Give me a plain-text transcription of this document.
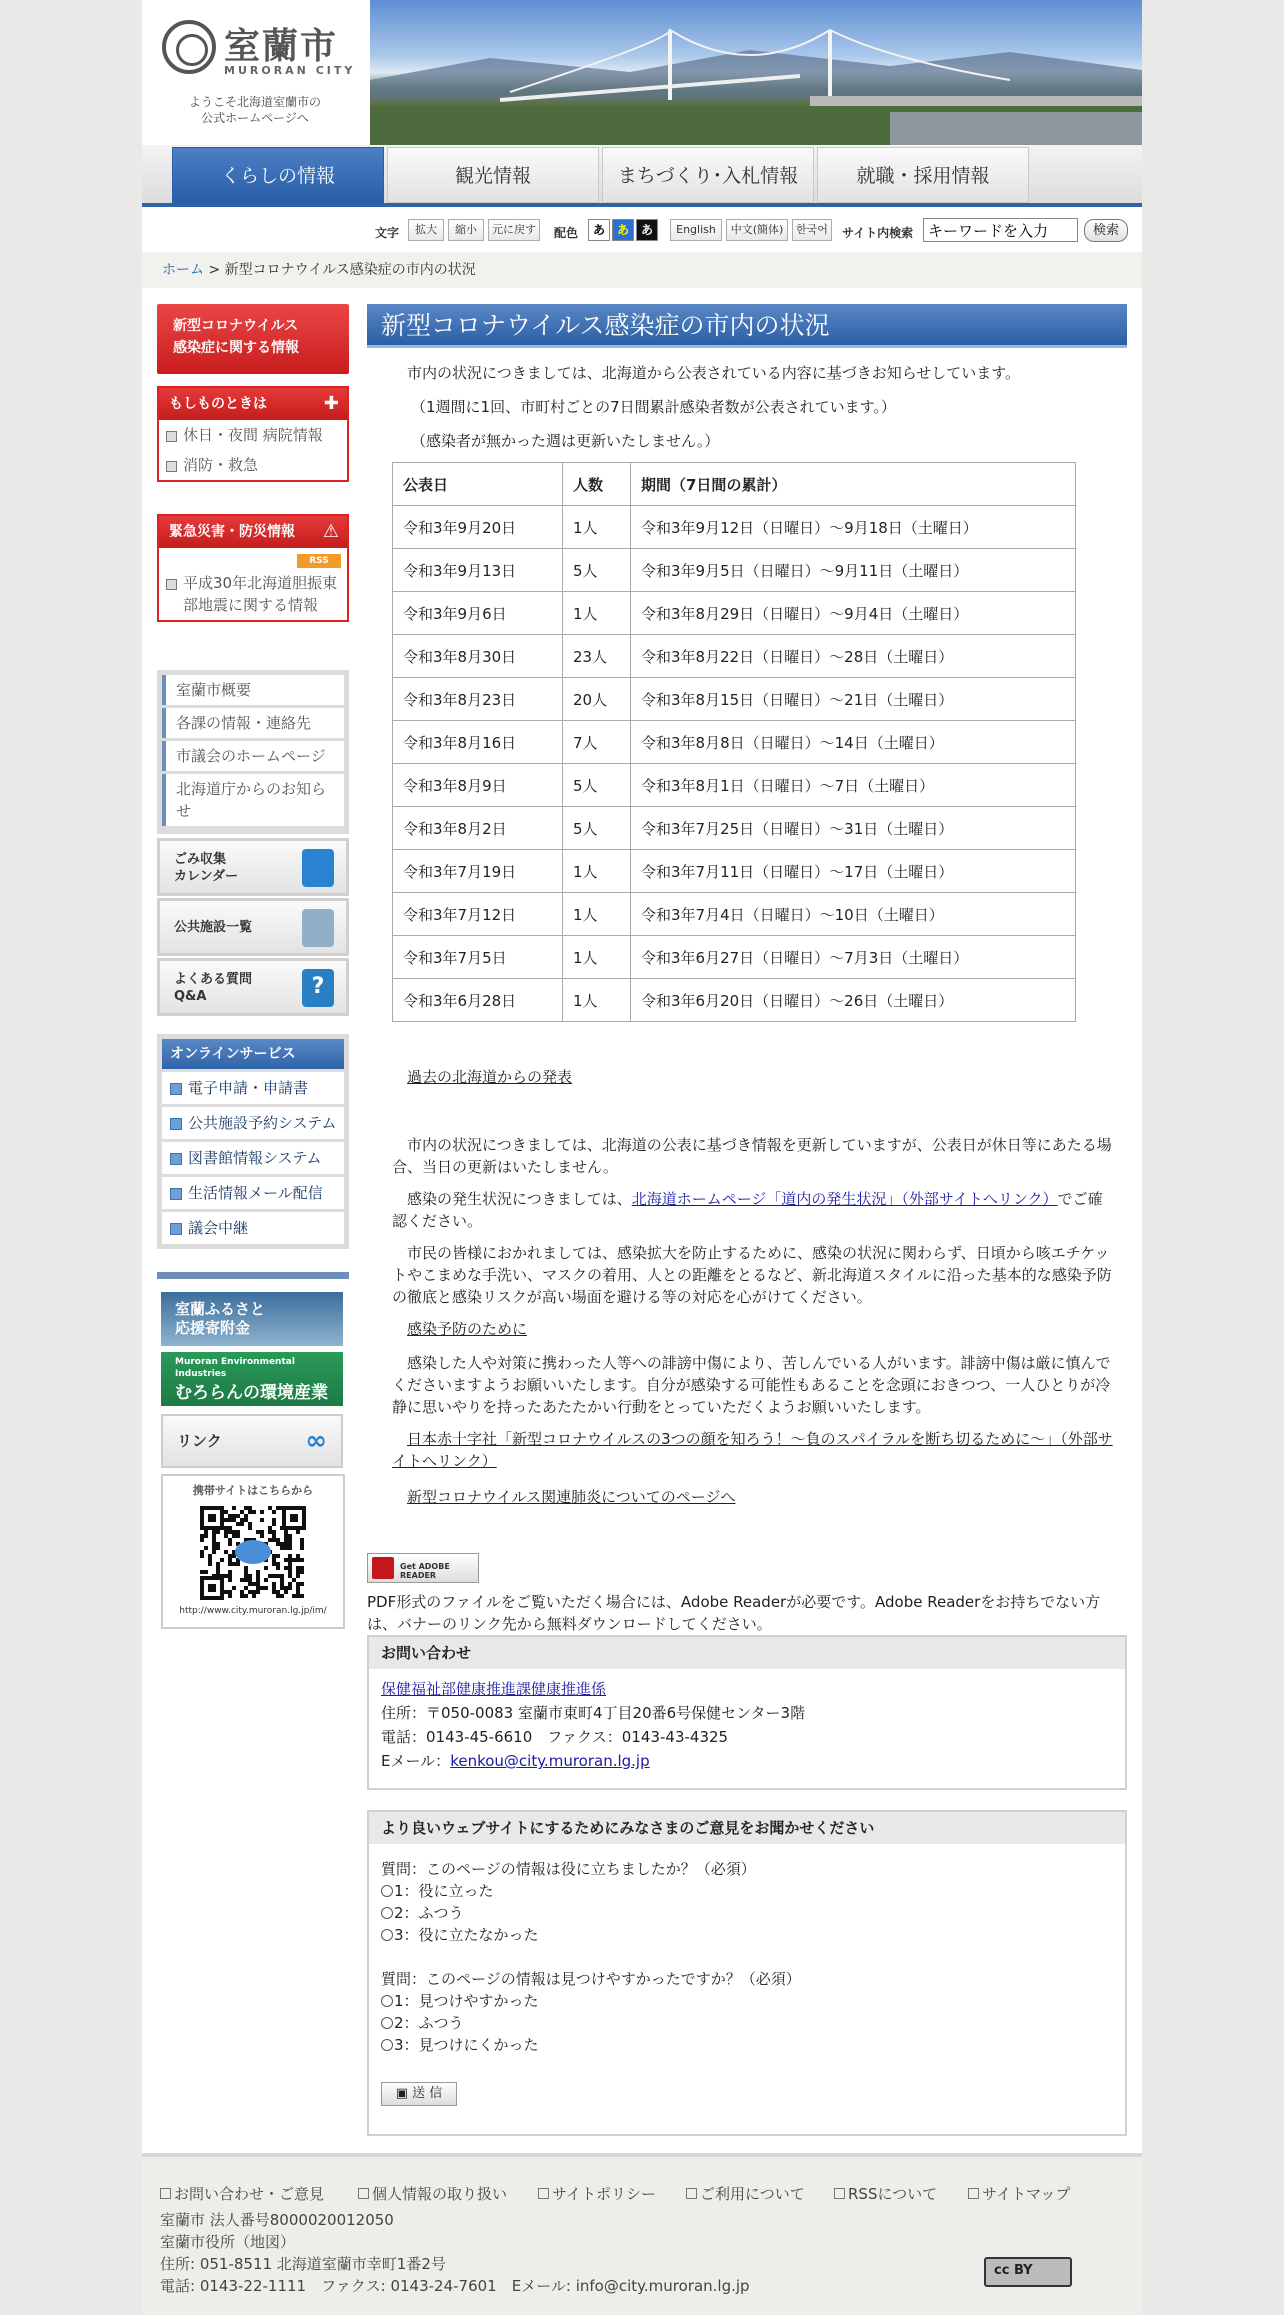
室蘭市
MURORAN CITY
ようこそ北海道室蘭市の
公式ホームページへ
くらしの情報	観光情報	まちづくり･入札情報	就職・採用情報
文字	拡大	縮小	元に戻す	配色	あ あ あ	English	中文(簡体)	한국어	サイト内検索
キーワードを入力	検索
ホーム > 新型コロナウイルス感染症の市内の状況
新型コロナウイルス
感染症に関する情報
もしものときは	✚
休日・夜間 病院情報
消防・救急
緊急災害・防災情報 ⚠
RSS
平成30年北海道胆振東部地震に関する情報
室蘭市概要
各課の情報・連絡先
市議会のホームページ
北海道庁からのお知らせ
ごみ収集
カレンダー
公共施設一覧
よくある質問
Q&A	?
オンラインサービス
電子申請・申請書
公共施設予約システム
図書館情報システム
生活情報メール配信
議会中継
室蘭ふるさと
応援寄附金
Muroran Environmental Industries
むろらんの環境産業
リンク	∞
携帯サイトはこちらから
http://www.city.muroran.lg.jp/im/
新型コロナウイルス感染症の市内の状況
市内の状況につきましては、北海道から公表されている内容に基づきお知らせしています。
（1週間に1回、市町村ごとの7日間累計感染者数が公表されています。）
（感染者が無かった週は更新いたしません。）
公表日	人数	期間（7日間の累計）
令和3年9月20日	1人	令和3年9月12日（日曜日）～9月18日（土曜日）
令和3年9月13日	5人	令和3年9月5日（日曜日）～9月11日（土曜日）
令和3年9月6日	1人	令和3年8月29日（日曜日）～9月4日（土曜日）
令和3年8月30日	23人	令和3年8月22日（日曜日）～28日（土曜日）
令和3年8月23日	20人	令和3年8月15日（日曜日）～21日（土曜日）
令和3年8月16日	7人	令和3年8月8日（日曜日）～14日（土曜日）
令和3年8月9日	5人	令和3年8月1日（日曜日）～7日（土曜日）
令和3年8月2日	5人	令和3年7月25日（日曜日）～31日（土曜日）
令和3年7月19日	1人	令和3年7月11日（日曜日）～17日（土曜日）
令和3年7月12日	1人	令和3年7月4日（日曜日）～10日（土曜日）
令和3年7月5日	1人	令和3年6月27日（日曜日）～7月3日（土曜日）
令和3年6月28日	1人	令和3年6月20日（日曜日）～26日（土曜日）
過去の北海道からの発表
市内の状況につきましては、北海道の公表に基づき情報を更新していますが、公表日が休日等にあたる場合、当日の更新はいたしません。
感染の発生状況につきましては、北海道ホームページ「道内の発生状況」（外部サイトへリンク）でご確認ください。
市民の皆様におかれましては、感染拡大を防止するために、感染の状況に関わらず、日頃から咳エチケットやこまめな手洗い、マスクの着用、人との距離をとるなど、新北海道スタイルに沿った基本的な感染予防の徹底と感染リスクが高い場面を避ける等の対応を心がけてください。
感染予防のために
感染した人や対策に携わった人等への誹謗中傷により、苦しんでいる人がいます。誹謗中傷は厳に慎んでくださいますようお願いいたします。自分が感染する可能性もあることを念頭におきつつ、一人ひとりが冷静に思いやりを持ったあたたかい行動をとっていただくようお願いいたします。
日本赤十字社「新型コロナウイルスの3つの顔を知ろう！～負のスパイラルを断ち切るために～」（外部サイトへリンク）
新型コロナウイルス関連肺炎についてのページへ
Get ADOBE READER
PDF形式のファイルをご覧いただく場合には、Adobe Readerが必要です。Adobe Readerをお持ちでない方は、バナーのリンク先から無料ダウンロードしてください。
お問い合わせ
保健福祉部健康推進課健康推進係
住所：〒050-0083 室蘭市東町4丁目20番6号保健センター3階
電話：0143-45-6610　ファクス：0143-43-4325
Eメール：kenkou@city.muroran.lg.jp
より良いウェブサイトにするためにみなさまのご意見をお聞かせください
質問：このページの情報は役に立ちましたか？（必須）
1：役に立った
2：ふつう
3：役に立たなかった
質問：このページの情報は見つけやすかったですか？（必須）
1：見つけやすかった
2：ふつう
3：見つけにくかった
▣ 送 信
お問い合わせ・ご意見	個人情報の取り扱い	サイトポリシー	ご利用について	RSSについて	サイトマップ
室蘭市 法人番号8000020012050
室蘭市役所（地図）
住所: 051-8511 北海道室蘭市幸町1番2号
電話: 0143-22-1111　ファクス: 0143-24-7601　Eメール: info@city.muroran.lg.jp
cc BY
